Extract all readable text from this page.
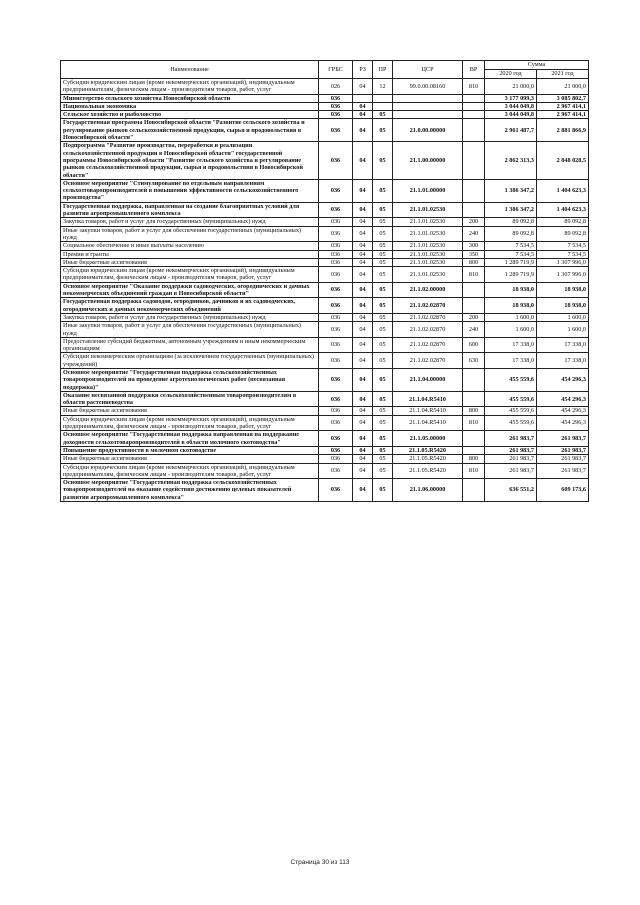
Наименование	ГРБС	РЗ	ПР	ЦСР	ВР	Сумма	
						2020 год	2021 год
Субсидии юридическим лицам (кроме некоммерческих организаций), индивидуальным предпринимателям, физическим лицам - производителям товаров, работ, услуг	026	04	12	99.0.00.08160	810	21 000,0	21 000,0
Министерство сельского хозяйства Новосибирской области	036					3 177 099,3	3 085 802,7
Национальная экономика	036	04				3 044 049,8	2 967 414,1
Сельское хозяйство и рыболовство	036	04	05			3 044 049,8	2 967 414,1
Государственная программа Новосибирской области "Развитие сельского хозяйства и регулирование рынков сельскохозяйственной продукции, сырья и продовольствия в Новосибирской области"	036	04	05	21.0.00.00000		2 961 487,7	2 881 866,9
Подпрограмма "Развитие производства, переработки и реализации сельскохозяйственной продукции в Новосибирской области" государственной программы Новосибирской области "Развитие сельского хозяйства и регулирование рынков сельскохозяйственной продукции, сырья и продовольствия в Новосибирской области"	036	04	05	21.1.00.00000		2 862 313,3	2 848 028,5
Основное мероприятие "Стимулирование по отдельным направлениям сельхозтоваропроизводителей в повышении эффективности сельскохозяйственного производства"	036	04	05	21.1.01.00000		1 386 347,2	1 404 623,3
Государственная поддержка, направленная на создание благоприятных условий для развития агропромышленного комплекса	036	04	05	21.1.01.02530		1 386 347,2	1 404 623,3
Закупка товаров, работ и услуг для государственных (муниципальных) нужд	036	04	05	21.1.01.02530	200	89 092,8	89 092,8
Иные закупки товаров, работ и услуг для обеспечения государственных (муниципальных) нужд	036	04	05	21.1.01.02530	240	89 092,8	89 092,8
Социальное обеспечение и иные выплаты населению	036	04	05	21.1.01.02530	300	7 534,5	7 534,5
Премии и гранты	036	04	05	21.1.01.02530	350	7 534,5	7 534,5
Иные бюджетные ассигнования	036	04	05	21.1.01.02530	800	1 289 719,9	1 307 996,0
Субсидии юридическим лицам (кроме некоммерческих организаций), индивидуальным предпринимателям, физическим лицам - производителям товаров, работ, услуг	036	04	05	21.1.01.02530	810	1 289 719,9	1 307 996,0
Основное мероприятие "Оказание поддержки садоводческих, огороднических и дачных некоммерческих объединений граждан в Новосибирской области"	036	04	05	21.1.02.00000		18 938,0	18 938,0
Государственная поддержка садоводов, огородников, дачников и их садоводческих, огороднических и дачных некоммерческих объединений	036	04	05	21.1.02.02870		18 938,0	18 938,0
Закупка товаров, работ и услуг для государственных (муниципальных) нужд	036	04	05	21.1.02.02870	200	1 600,0	1 600,0
Иные закупки товаров, работ и услуг для обеспечения государственных (муниципальных) нужд	036	04	05	21.1.02.02870	240	1 600,0	1 600,0
Предоставление субсидий бюджетным, автономным учреждениям и иным некоммерческим организациям	036	04	05	21.1.02.02870	600	17 338,0	17 338,0
Субсидии некоммерческим организациям (за исключением государственных (муниципальных) учреждений)	036	04	05	21.1.02.02870	630	17 338,0	17 338,0
Основное мероприятие "Государственная поддержка сельскохозяйственных товаропроизводителей на проведение агротехнологических работ (несвязанная поддержка)"	036	04	05	21.1.04.00000		455 559,6	454 296,3
Оказание несвязанной поддержки сельскохозяйственным товаропроизводителям в области растениеводства	036	04	05	21.1.04.R5410		455 559,6	454 296,3
Иные бюджетные ассигнования	036	04	05	21.1.04.R5410	800	455 559,6	454 296,3
Субсидии юридическим лицам (кроме некоммерческих организаций), индивидуальным предпринимателям, физическим лицам - производителям товаров, работ, услуг	036	04	05	21.1.04.R5410	810	455 559,6	454 296,3
Основное мероприятие "Государственная поддержка направленная на поддержание доходности сельхозтоваропроизводителей в области молочного скотоводства"	036	04	05	21.1.05.00000		261 983,7	261 983,7
Повышение продуктивности в молочном скотоводстве	036	04	05	21.1.05.R5420		261 983,7	261 983,7
Иные бюджетные ассигнования	036	04	05	21.1.05.R5420	800	261 983,7	261 983,7
Субсидии юридическим лицам (кроме некоммерческих организаций), индивидуальным предпринимателям, физическим лицам - производителям товаров, работ, услуг	036	04	05	21.1.05.R5420	810	261 983,7	261 983,7
Основное мероприятие "Государственная поддержка сельскохозяйственных товаропроизводителей на оказание содействия достижению целевых показателей развития агропромышленного комплекса"	036	04	05	21.1.06.00000		636 551,2	609 173,6
Страница 30 из 113
